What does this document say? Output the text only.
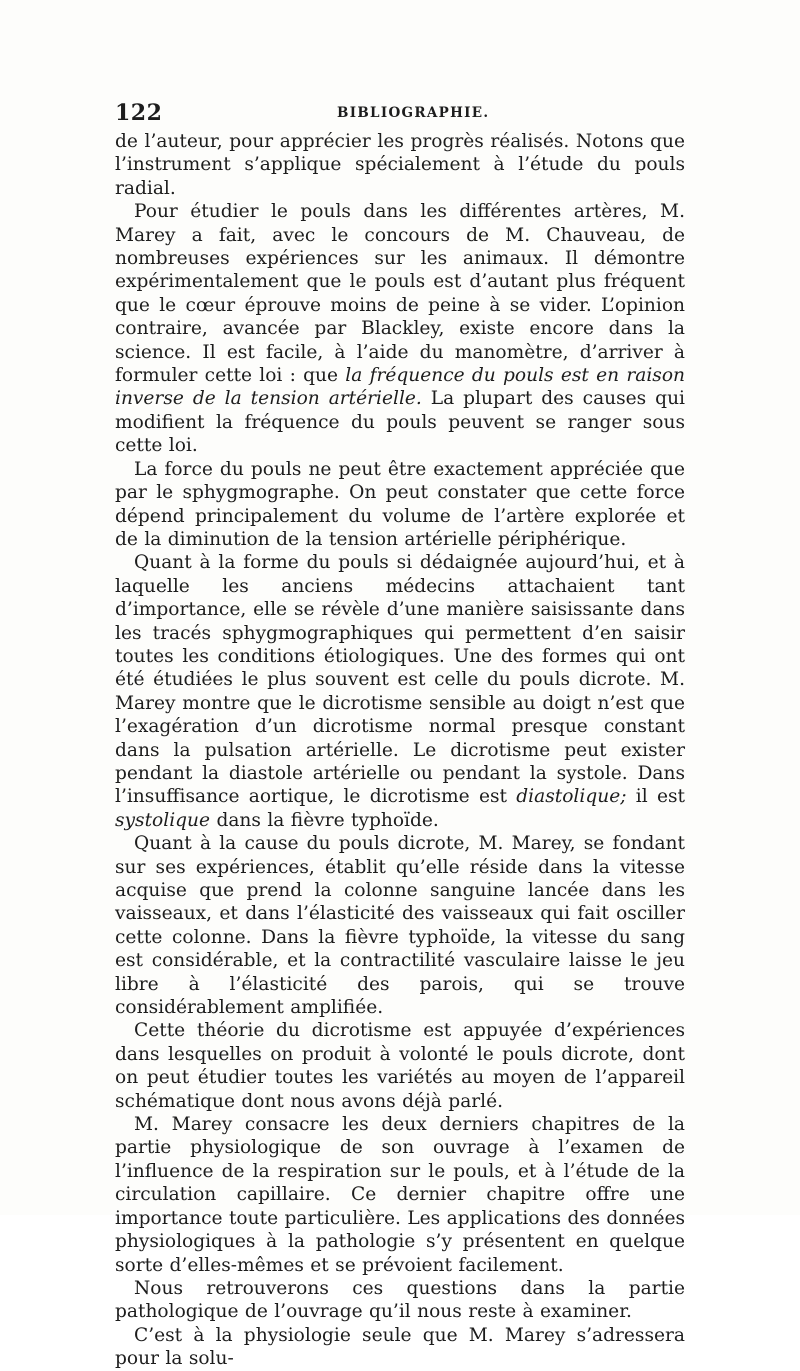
122	BIBLIOGRAPHIE.

de l’auteur, pour apprécier les progrès réalisés. Notons que l’instrument s’applique spécialement à l’étude du pouls radial.

Pour étudier le pouls dans les différentes artères, M. Marey a fait, avec le concours de M. Chauveau, de nombreuses expériences sur les animaux. Il démontre expérimentalement que le pouls est d’autant plus fréquent que le cœur éprouve moins de peine à se vider. L’opinion contraire, avancée par Blackley, existe encore dans la science. Il est facile, à l’aide du manomètre, d’arriver à formuler cette loi : que la fréquence du pouls est en raison inverse de la tension artérielle. La plupart des causes qui modifient la fréquence du pouls peuvent se ranger sous cette loi.

La force du pouls ne peut être exactement appréciée que par le sphygmographe. On peut constater que cette force dépend principalement du volume de l’artère explorée et de la diminution de la tension artérielle périphérique.

Quant à la forme du pouls si dédaignée aujourd’hui, et à laquelle les anciens médecins attachaient tant d’importance, elle se révèle d’une manière saisissante dans les tracés sphygmographiques qui permettent d’en saisir toutes les conditions étiologiques. Une des formes qui ont été étudiées le plus souvent est celle du pouls dicrote. M. Marey montre que le dicrotisme sensible au doigt n’est que l’exagération d’un dicrotisme normal presque constant dans la pulsation artérielle. Le dicrotisme peut exister pendant la diastole artérielle ou pendant la systole. Dans l’insuffisance aortique, le dicrotisme est diastolique; il est systolique dans la fièvre typhoïde.

Quant à la cause du pouls dicrote, M. Marey, se fondant sur ses expériences, établit qu’elle réside dans la vitesse acquise que prend la colonne sanguine lancée dans les vaisseaux, et dans l’élasticité des vaisseaux qui fait osciller cette colonne. Dans la fièvre typhoïde, la vitesse du sang est considérable, et la contractilité vasculaire laisse le jeu libre à l’élasticité des parois, qui se trouve considérablement amplifiée.

Cette théorie du dicrotisme est appuyée d’expériences dans lesquelles on produit à volonté le pouls dicrote, dont on peut étudier toutes les variétés au moyen de l’appareil schématique dont nous avons déjà parlé.

M. Marey consacre les deux derniers chapitres de la partie physiologique de son ouvrage à l’examen de l’influence de la respiration sur le pouls, et à l’étude de la circulation capillaire. Ce dernier chapitre offre une importance toute particulière. Les applications des données physiologiques à la pathologie s’y présentent en quelque sorte d’elles-mêmes et se prévoient facilement.

Nous retrouverons ces questions dans la partie pathologique de l’ouvrage qu’il nous reste à examiner.

C’est à la physiologie seule que M. Marey s’adressera pour la solu-
